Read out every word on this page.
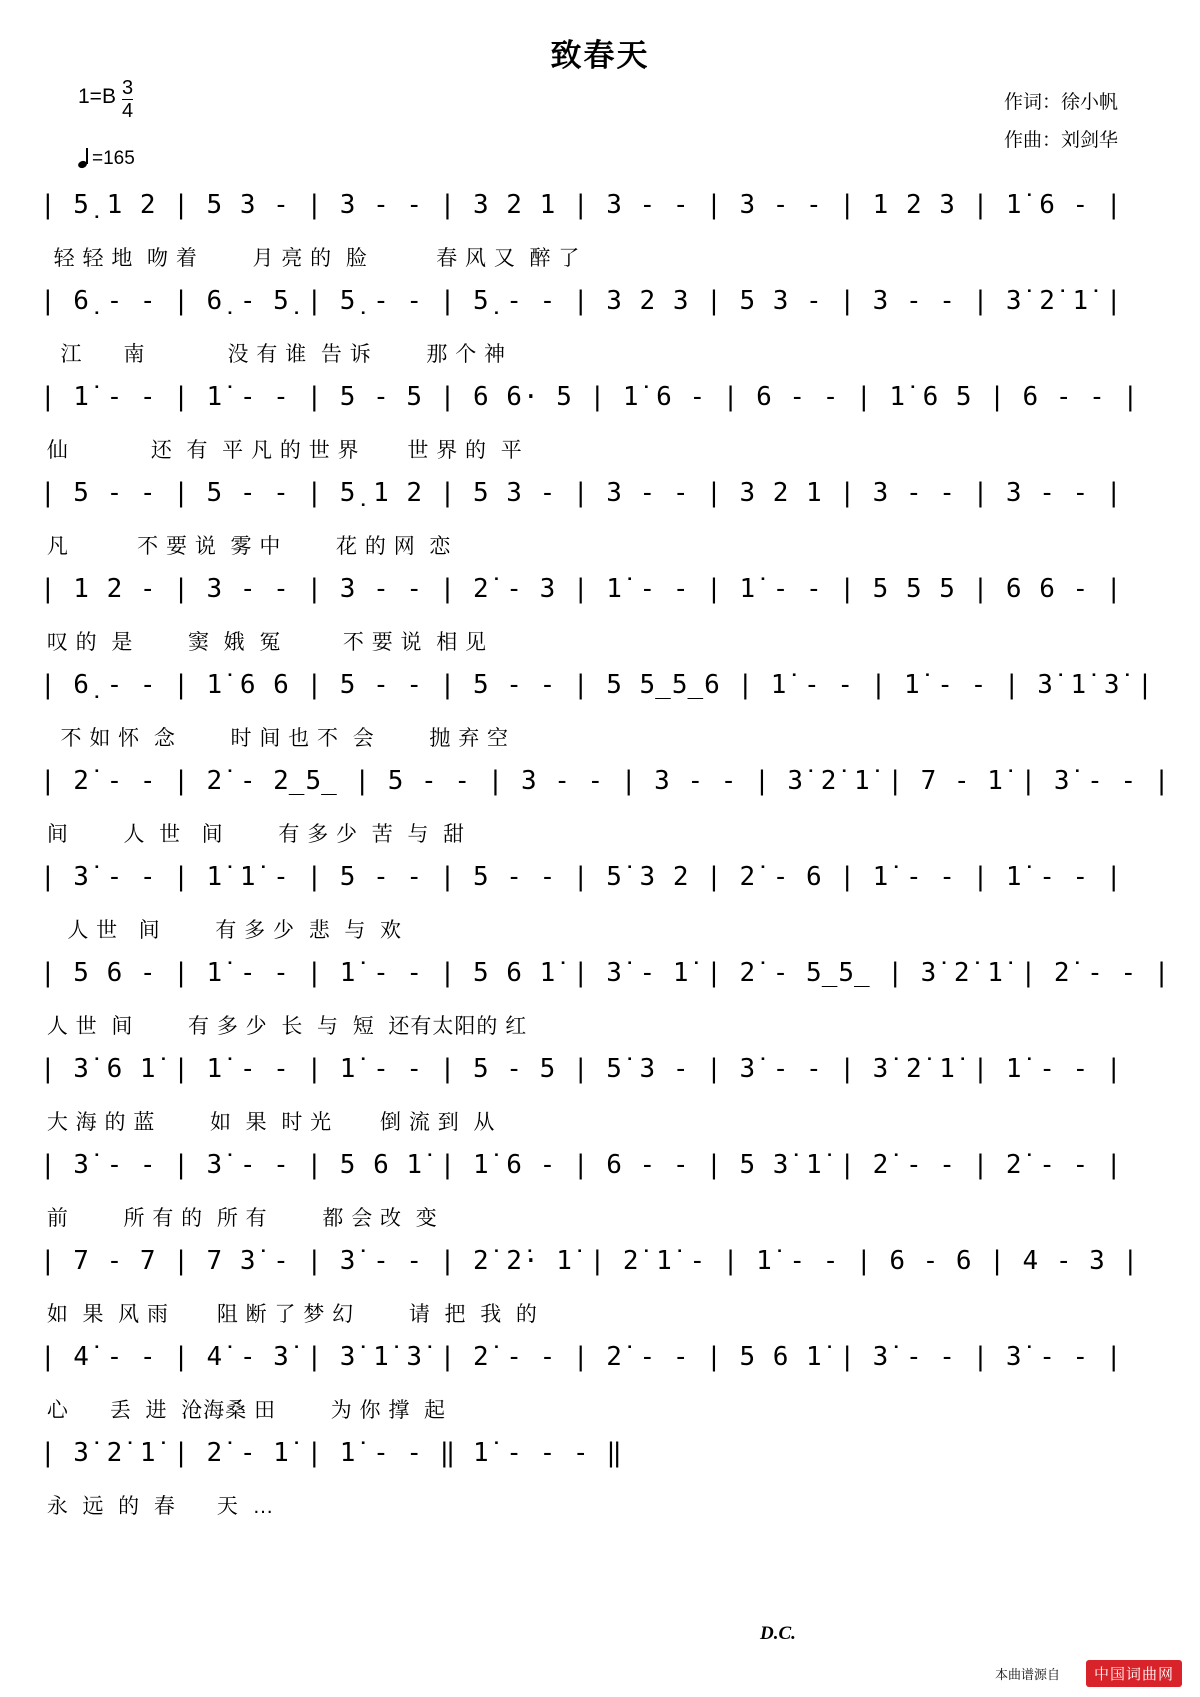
致春天
$1=B \frac{3}{4}$
=165
作词：徐小帆
作曲：刘剑华
| 5̣ 1 2 | 5 3 - | 3 - - | 3 2 1 | 3 - - | 3 - - | 1 2 3 | 1̇ 6 - |

轻 轻 地  吻 着        月 亮 的  脸          春 风 又  醉 了

| 6̣ - - | 6̣ - 5̣ | 5̣ - - | 5̣ - - | 3 2 3 | 5 3 - | 3 - - | 3̇ 2̇ 1̇ |

江      南            没 有 谁  告 诉        那 个 神

| 1̇ - - | 1̇ - - | 5 - 5 | 6 6· 5 | 1̇ 6 - | 6 - - | 1̇ 6 5 | 6 - - |

仙            还  有  平 凡 的 世 界       世 界 的  平

| 5 - - | 5 - - | 5̣ 1 2 | 5 3 - | 3 - - | 3 2 1 | 3 - - | 3 - - |

凡          不 要 说  雾 中        花 的 网  恋

| 1 2 - | 3 - - | 3 - - | 2̇ - 3 | 1̇ - - | 1̇ - - | 5 5 5 | 6 6 - |

叹 的  是        窦  娥  冤         不 要 说  相 见

| 6̣ - - | 1̇ 6 6 | 5 - - | 5 - - | 5 5̲5̲6 | 1̇ - - | 1̇ - - | 3̇ 1̇ 3̇ |

不 如 怀  念        时 间 也 不  会        抛 弃 空

| 2̇ - - | 2̇ - 2̲5̲ | 5 - - | 3 - - | 3 - - | 3̇ 2̇ 1̇ | 7 - 1̇ | 3̇ - - |

间        人  世   间        有 多 少  苦  与  甜

| 3̇ - - | 1̇ 1̇ - | 5 - - | 5 - - | 5̇ 3 2 | 2̇ - 6 | 1̇ - - | 1̇ - - |

人 世   间        有 多 少  悲  与  欢

| 5 6 - | 1̇ - - | 1̇ - - | 5 6 1̇ | 3̇ - 1̇ | 2̇ - 5̲5̲ | 3̇ 2̇ 1̇ | 2̇ - - |

人 世  间        有 多 少  长  与  短  还有太阳的 红

| 3̇ 6 1̇ | 1̇ - - | 1̇ - - | 5 - 5 | 5̇ 3 - | 3̇ - - | 3̇ 2̇ 1̇ | 1̇ - - |

大 海 的 蓝        如  果  时 光       倒 流 到  从

| 3̇ - - | 3̇ - - | 5 6 1̇ | 1̇ 6 - | 6 - - | 5 3̇ 1̇ | 2̇ - - | 2̇ - - |

前        所 有 的  所 有        都 会 改  变

| 7 - 7 | 7 3̇ - | 3̇ - - | 2̇ 2̇· 1̇ | 2̇ 1̇ - | 1̇ - - | 6 - 6 | 4 - 3 |

如  果  风 雨       阻 断 了 梦 幻        请  把  我  的

| 4̇ - - | 4̇ - 3̇ | 3̇ 1̇ 3̇ | 2̇ - - | 2̇ - - | 5 6 1̇ | 3̇ - - | 3̇ - - |

心      丢  进  沧海桑 田        为 你 撑  起

| 3̇ 2̇ 1̇ | 2̇ - 1̇ | 1̇ - - ‖ 1̇ - - - ‖

永  远  的  春      天  …

D.C.
本曲谱源自	中国词曲网
